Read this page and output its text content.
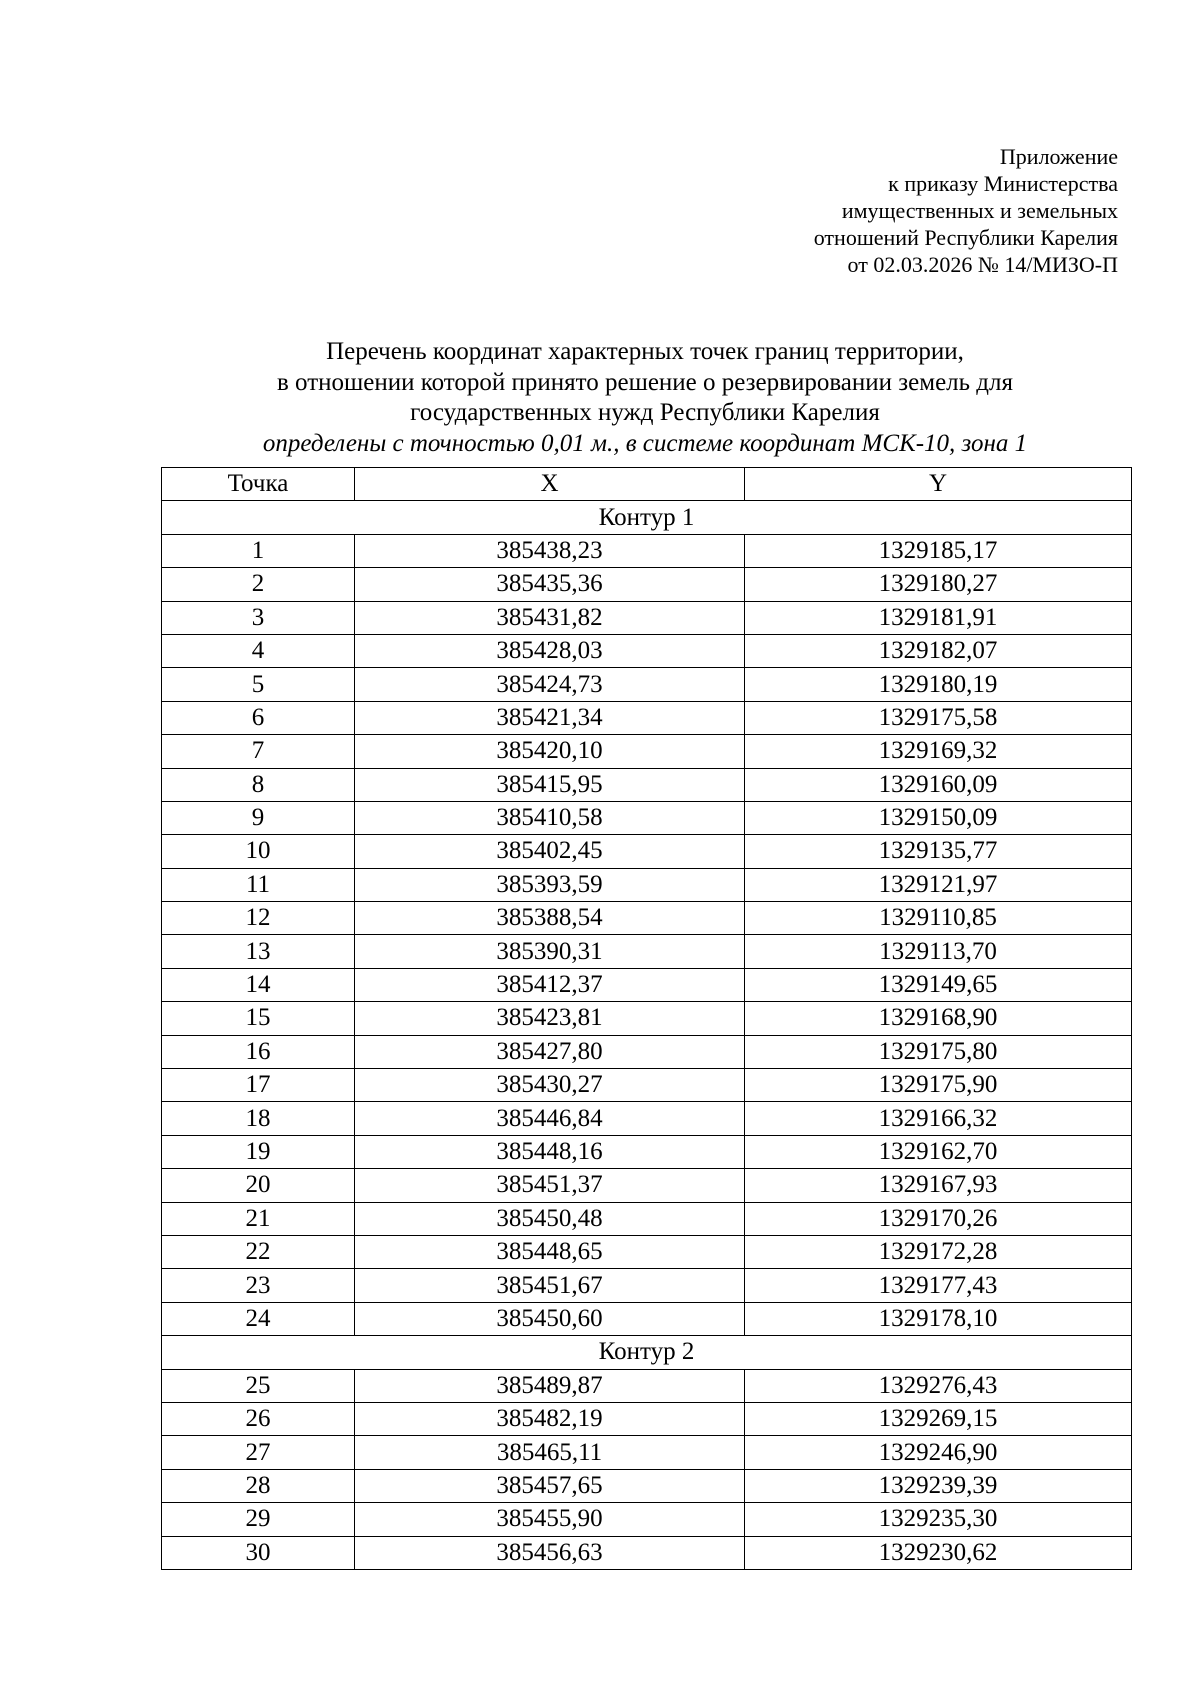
Приложение
к приказу Министерства
имущественных и земельных
отношений Республики Карелия
от 02.03.2026 № 14/МИЗО-П
Перечень координат характерных точек границ территории,
в отношении которой принято решение о резервировании земель для
государственных нужд Республики Карелия
определены с точностью 0,01 м., в системе координат МСК-10, зона 1
Точка	X	Y
Контур 1		
1	385438,23	1329185,17
2	385435,36	1329180,27
3	385431,82	1329181,91
4	385428,03	1329182,07
5	385424,73	1329180,19
6	385421,34	1329175,58
7	385420,10	1329169,32
8	385415,95	1329160,09
9	385410,58	1329150,09
10	385402,45	1329135,77
11	385393,59	1329121,97
12	385388,54	1329110,85
13	385390,31	1329113,70
14	385412,37	1329149,65
15	385423,81	1329168,90
16	385427,80	1329175,80
17	385430,27	1329175,90
18	385446,84	1329166,32
19	385448,16	1329162,70
20	385451,37	1329167,93
21	385450,48	1329170,26
22	385448,65	1329172,28
23	385451,67	1329177,43
24	385450,60	1329178,10
Контур 2		
25	385489,87	1329276,43
26	385482,19	1329269,15
27	385465,11	1329246,90
28	385457,65	1329239,39
29	385455,90	1329235,30
30	385456,63	1329230,62
